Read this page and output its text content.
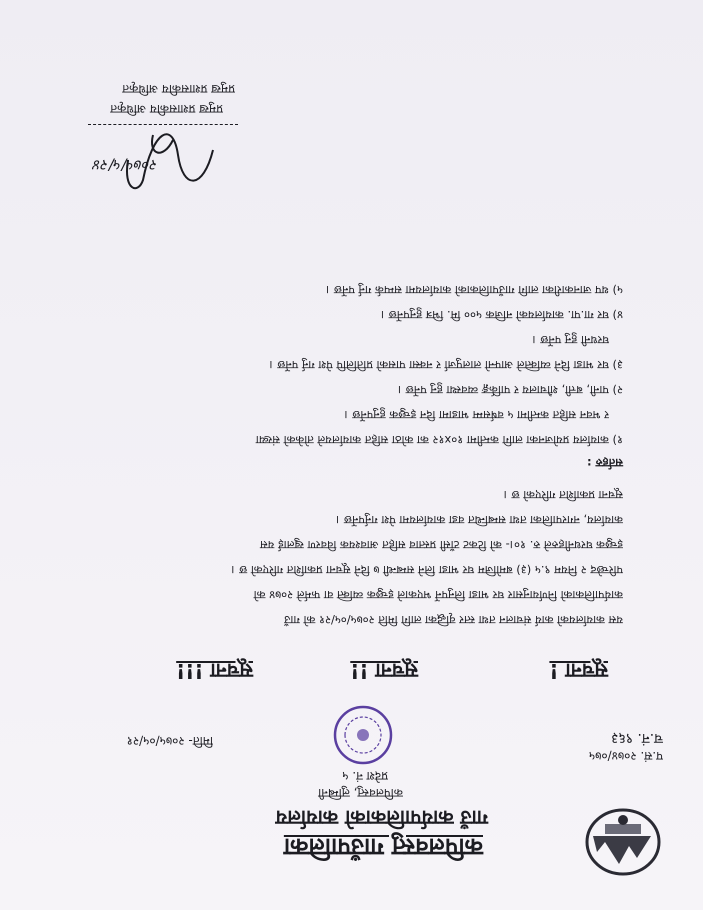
कपिलवस्तु गाउँपालिका
गाउँ कार्यपालिकाको कार्यालय
कपिलवस्तु, लुम्बिनी
प्रदेश नं. ५
प.सं. २०७४/०७५
च.नं. ९६३
मिति- २०७५/०५/२१
सूचना !
सूचना !!
सूचना !!!
यस कार्यालयको कार्य संचालन तथा स्तर वृद्धिका लागि मिति २०७५/०५/२१ को गाउँ
कार्यपालिकाको निर्णयानुसार घर भाडा लिनुपर्ने भएकाले इच्छुक व्यक्ति वा फर्मले २०७४ को
परिच्छेद २ नियम ९.५ (३) बमोजिम घर भाडा लिने सम्बन्धी ७ दिने सूचना प्रकाशित गरिएको छ ।
इच्छुक घरधनीहरुले रु. १०।- को टिकट टाँसी प्रस्ताव सहित आवश्यक विवरण खुलाई यस
कार्यालय, नगरपालिका तथा सम्बन्धित वडा कार्यालयमा पेश गर्नुपर्नेछ ।
सूचना प्रकाशित गरिएको छ ।
सर्तहरु :
१) कार्यालय प्रयोजनका लागि कम्तीमा १०x१२ का कोठा सहित कार्यालयले तोकेको संख्या
र भवन सहित कम्तीमा ५ वर्षसम्म भाडामा दिन इच्छुक हुनुपर्नेछ ।
२) पानी, बत्ती, शौचालय र पार्किङ्ग व्यवस्था हुनु पर्नेछ ।
३) घर भाडा दिने व्यक्तिले आफ्नो लालपुर्जा र नक्सा पासको प्रतिलिपि पेश गर्नु पर्नेछ ।
घरधनी हुनु पर्नेछ ।
४) घर गा.पा. कार्यालयको नजिक ५०० मि. भित्र हुनुपर्नेछ ।
५) थप जानकारीका लागि गाउँपालिकाको कार्यालयमा सम्पर्क गर्नु पर्नेछ ।
२०७५/५/२४
प्रमुख प्रशासकीय अधिकृत
प्रमुख प्रशासकीय अधिकृत
